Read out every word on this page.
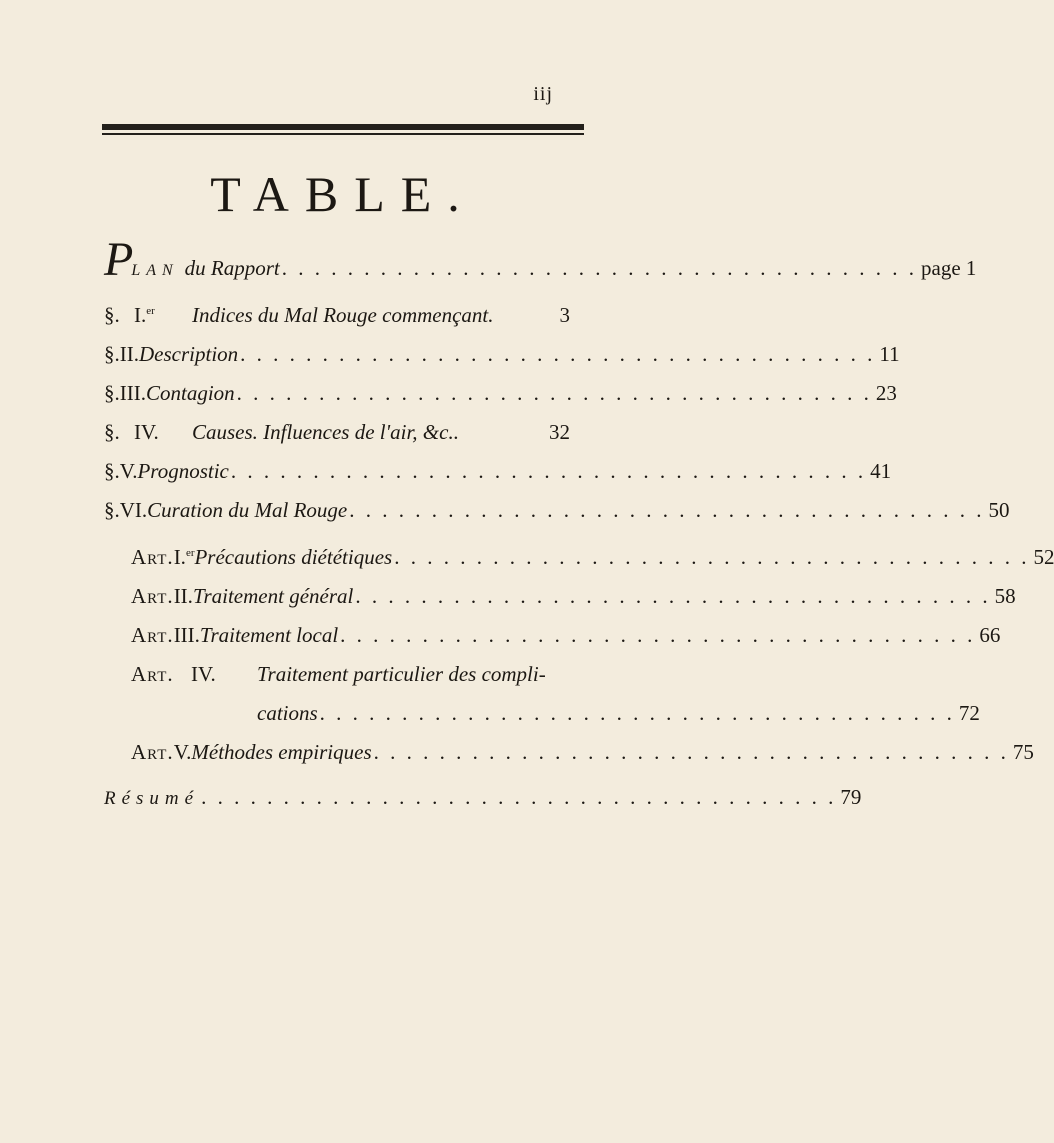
iij
TABLE.
P
LAN du Rapport . . . . . . . . . . . . . . . . . . . . . . . . . . . . . . . . . . . . . . . page 1
§. I.$^{er}$	Indices du Mal Rouge commençant.	3
§. II. Description . . . . . . . . . . . . . . . . . . . . . . . . . . . . . . . . . . . . . . . 11
§. III. Contagion . . . . . . . . . . . . . . . . . . . . . . . . . . . . . . . . . . . . . . . 23
§. IV.	Causes. Influences de l'air, &c..	32
§. V. Prognostic . . . . . . . . . . . . . . . . . . . . . . . . . . . . . . . . . . . . . . . 41
§. VI. Curation du Mal Rouge . . . . . . . . . . . . . . . . . . . . . . . . . . . . . . . . . . . . . . . 50
Art. I.$^{er}$ Précautions diététiques . . . . . . . . . . . . . . . . . . . . . . . . . . . . . . . . . . . . . . . 52
Art. II. Traitement général . . . . . . . . . . . . . . . . . . . . . . . . . . . . . . . . . . . . . . . 58
Art. III. Traitement local . . . . . . . . . . . . . . . . . . . . . . . . . . . . . . . . . . . . . . . 66
Art. IV.	Traitement particulier des compli-
cations . . . . . . . . . . . . . . . . . . . . . . . . . . . . . . . . . . . . . . . 72
Art. V. Méthodes empiriques . . . . . . . . . . . . . . . . . . . . . . . . . . . . . . . . . . . . . . . 75
Résumé . . . . . . . . . . . . . . . . . . . . . . . . . . . . . . . . . . . . . . . 79
